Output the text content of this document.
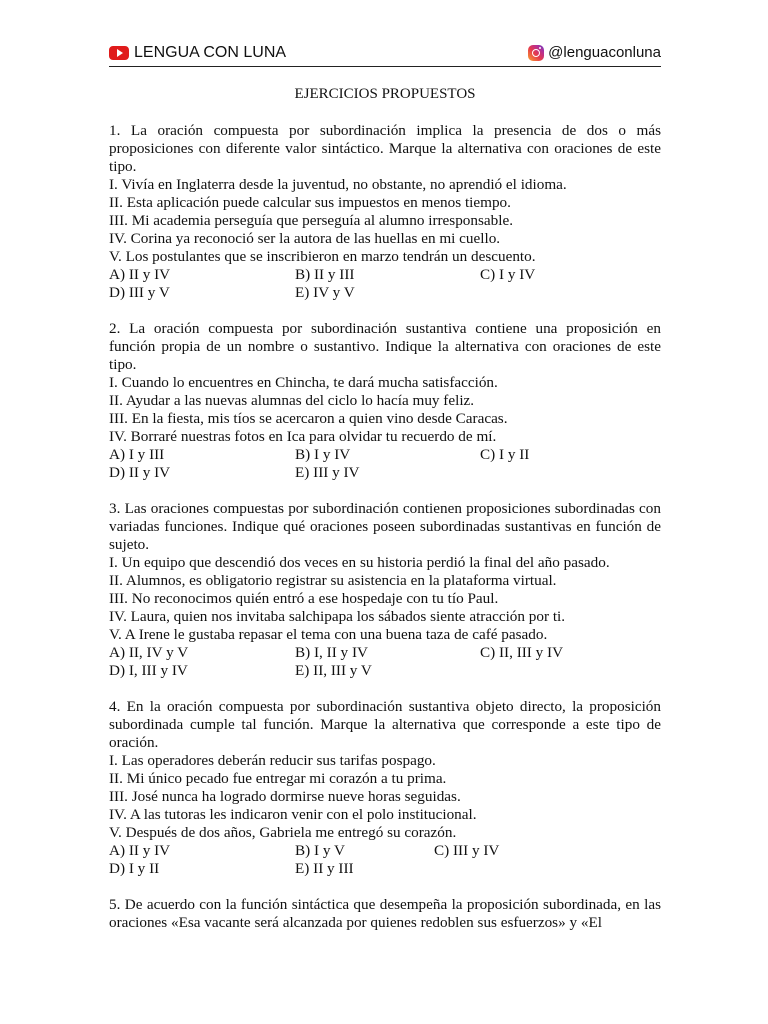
LENGUA CON LUNA	@lenguaconluna
EJERCICIOS PROPUESTOS

1. La oración compuesta por subordinación implica la presencia de dos o más proposiciones con diferente valor sintáctico. Marque la alternativa con oraciones de este tipo.

I. Vivía en Inglaterra desde la juventud, no obstante, no aprendió el idioma.

II. Esta aplicación puede calcular sus impuestos en menos tiempo.

III. Mi academia perseguía que perseguía al alumno irresponsable.

IV. Corina ya reconoció ser la autora de las huellas en mi cuello.

V. Los postulantes que se inscribieron en marzo tendrán un descuento.

A) II y IV	B) II y III	C) I y IV
D) III y V	E) IV y V

2. La oración compuesta por subordinación sustantiva contiene una proposición en función propia de un nombre o sustantivo. Indique la alternativa con oraciones de este tipo.

I. Cuando lo encuentres en Chincha, te dará mucha satisfacción.

II. Ayudar a las nuevas alumnas del ciclo lo hacía muy feliz.

III. En la fiesta, mis tíos se acercaron a quien vino desde Caracas.

IV. Borraré nuestras fotos en Ica para olvidar tu recuerdo de mí.

A) I y III	B) I y IV	C) I y II
D) II y IV	E) III y IV

3. Las oraciones compuestas por subordinación contienen proposiciones subordinadas con variadas funciones. Indique qué oraciones poseen subordinadas sustantivas en función de sujeto.

I. Un equipo que descendió dos veces en su historia perdió la final del año pasado.

II. Alumnos, es obligatorio registrar su asistencia en la plataforma virtual.

III. No reconocimos quién entró a ese hospedaje con tu tío Paul.

IV. Laura, quien nos invitaba salchipapa los sábados siente atracción por ti.

V. A Irene le gustaba repasar el tema con una buena taza de café pasado.

A) II, IV y V	B) I, II y IV	C) II, III y IV
D) I, III y IV	E) II, III y V

4. En la oración compuesta por subordinación sustantiva objeto directo, la proposición subordinada cumple tal función. Marque la alternativa que corresponde a este tipo de oración.

I. Las operadores deberán reducir sus tarifas pospago.

II. Mi único pecado fue entregar mi corazón a tu prima.

III. José nunca ha logrado dormirse nueve horas seguidas.

IV. A las tutoras les indicaron venir con el polo institucional.

V. Después de dos años, Gabriela me entregó su corazón.

A) II y IV	B) I y V	C) III y IV
D) I y II	E) II y III

5. De acuerdo con la función sintáctica que desempeña la proposición subordinada, en las oraciones «Esa vacante será alcanzada por quienes redoblen sus esfuerzos» y «El
